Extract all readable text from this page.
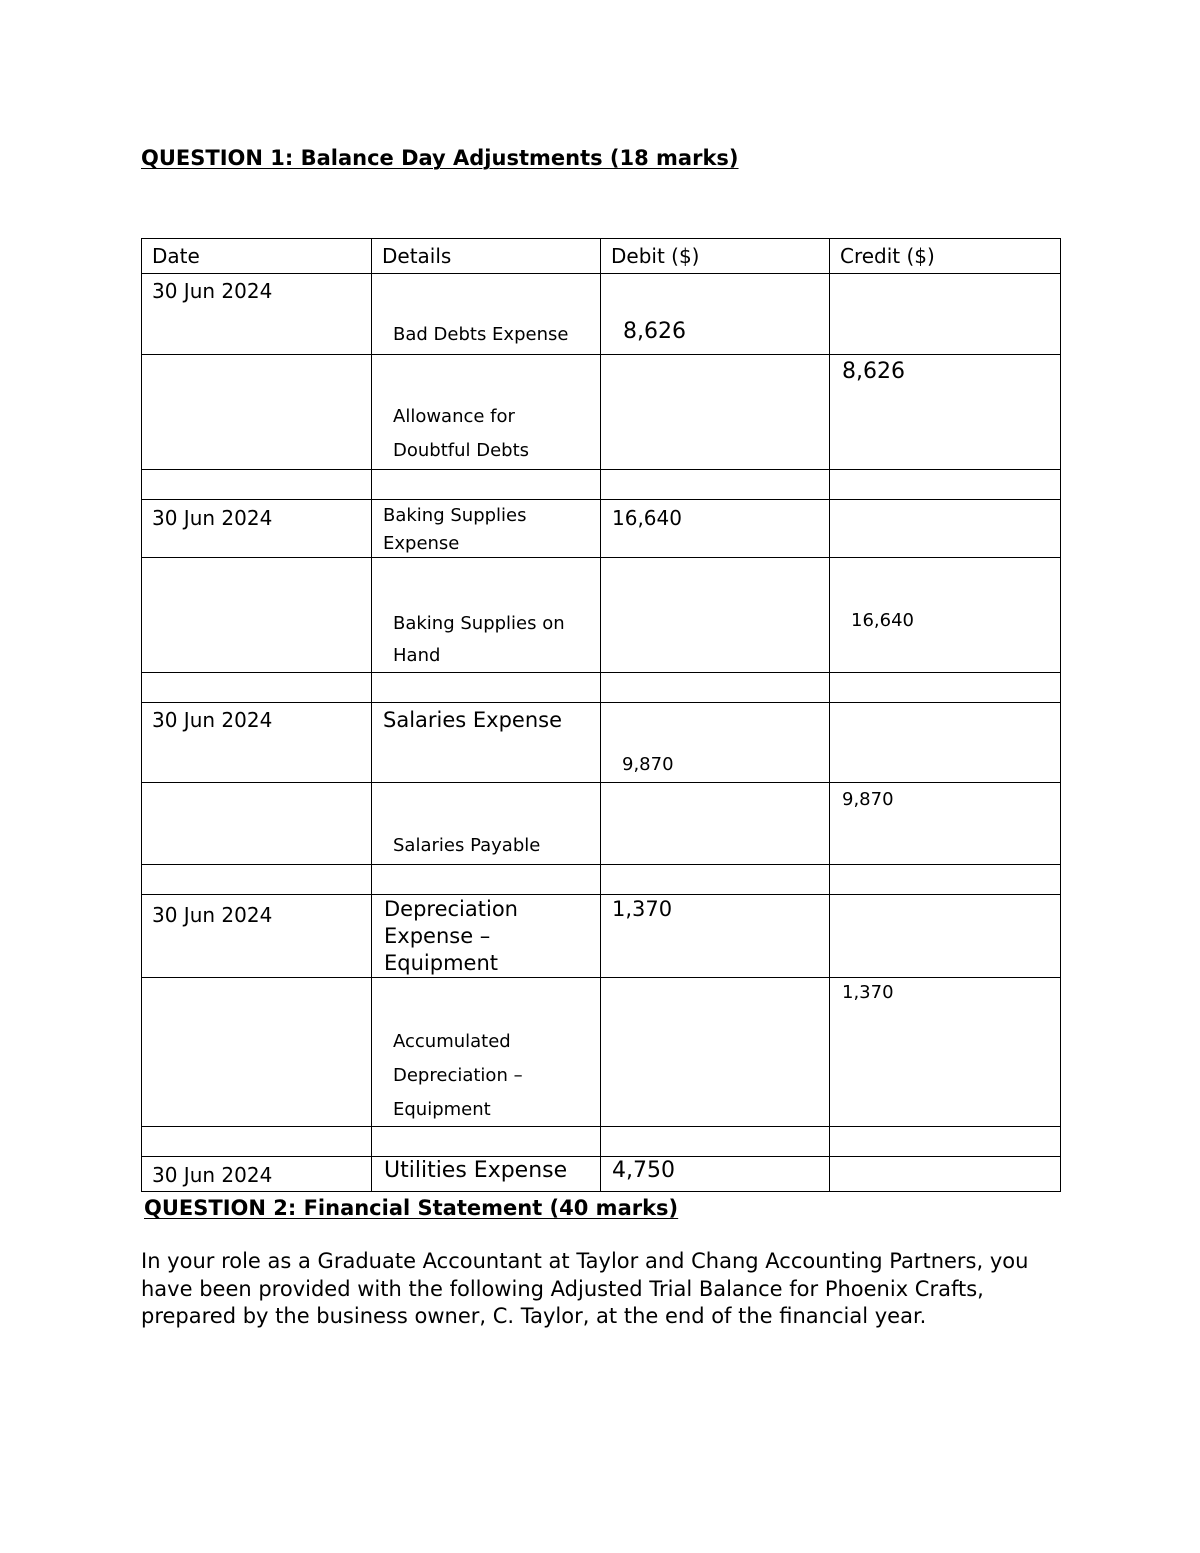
QUESTION 1: Balance Day Adjustments (18 marks)
Date	Details	Debit ($)	Credit ($)

30 Jun 2024	Bad Debts Expense	8,626	

	Allowance for Doubtful Debts		8,626

30 Jun 2024	Baking Supplies Expense	16,640	

	Baking Supplies on Hand		16,640

30 Jun 2024	Salaries Expense	9,870	

	Salaries Payable		9,870

30 Jun 2024	Depreciation Expense – Equipment	1,370	

	Accumulated Depreciation – Equipment		1,370

30 Jun 2024	Utilities Expense	4,750	

QUESTION 2: Financial Statement (40 marks)
In your role as a Graduate Accountant at Taylor and Chang Accounting Partners, you have been provided with the following Adjusted Trial Balance for Phoenix Crafts, prepared by the business owner, C. Taylor, at the end of the financial year.
